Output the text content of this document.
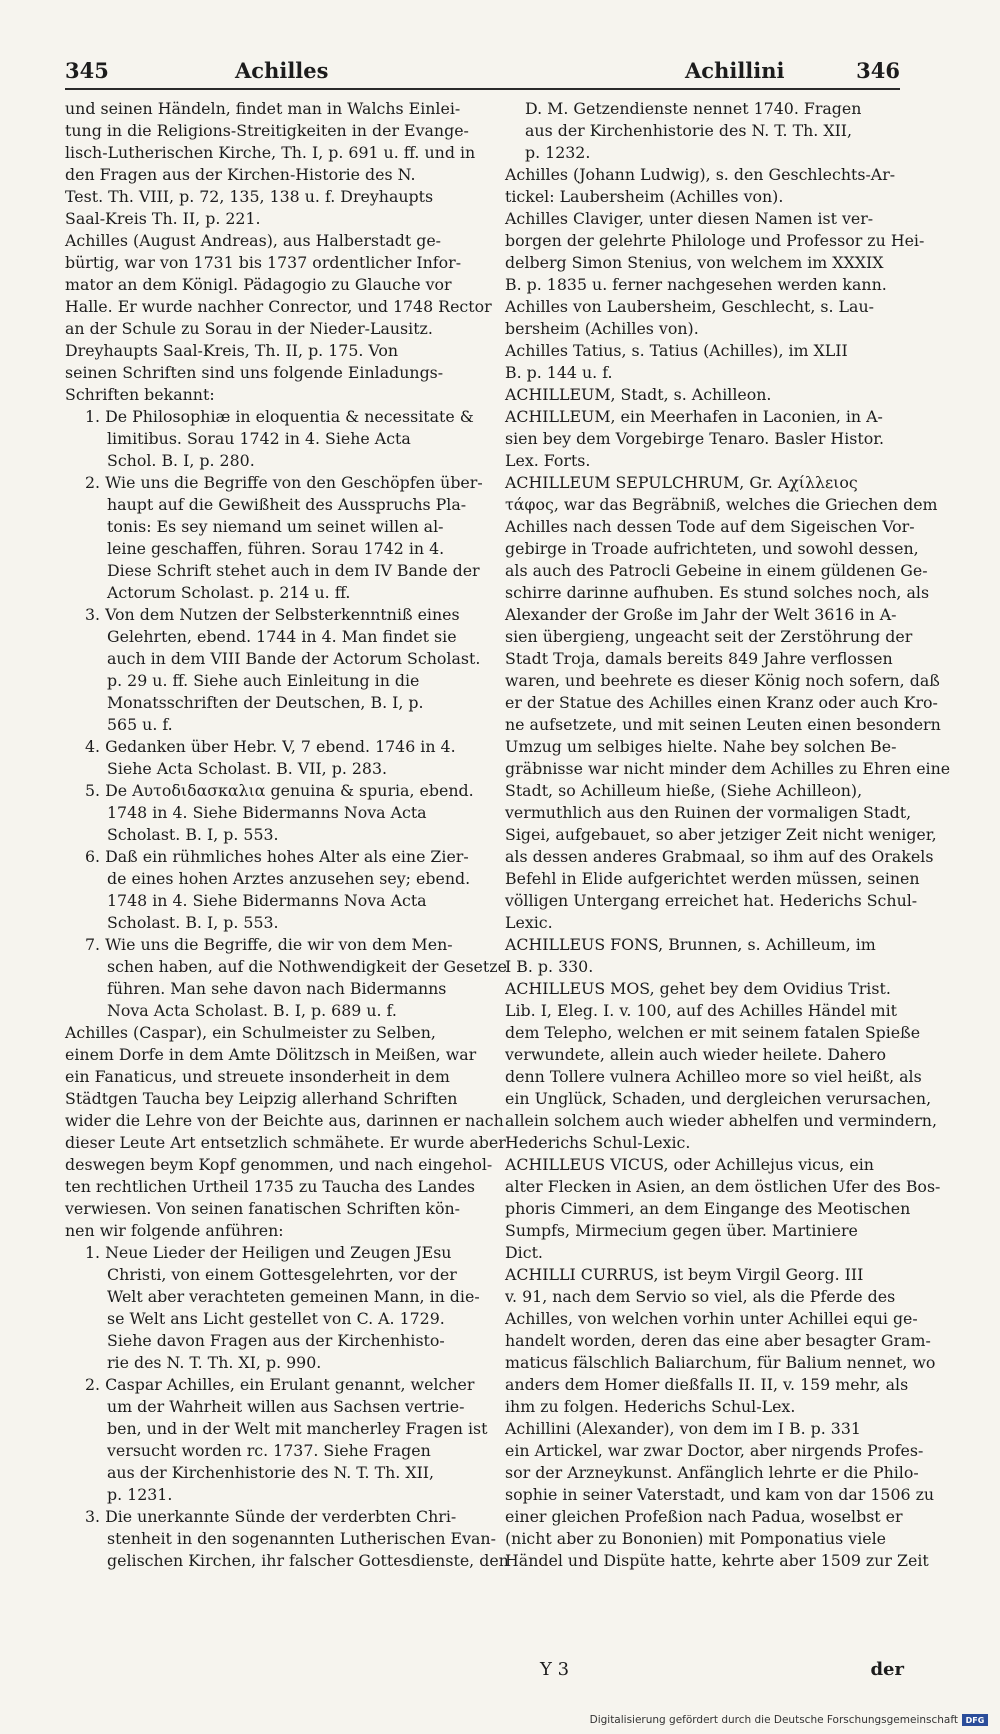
345	Achilles	Achillini	346
und seinen Händeln, findet man in Walchs Einlei-
tung in die Religions-Streitigkeiten in der Evange-
lisch-Lutherischen Kirche, Th. I, p. 691 u. ff. und in
den Fragen aus der Kirchen-Historie des N.
Test. Th. VIII, p. 72, 135, 138 u. f. Dreyhaupts
Saal-Kreis Th. II, p. 221.
Achilles (August Andreas), aus Halberstadt ge-
bürtig, war von 1731 bis 1737 ordentlicher Infor-
mator an dem Königl. Pädagogio zu Glauche vor
Halle. Er wurde nachher Conrector, und 1748 Rector
an der Schule zu Sorau in der Nieder-Lausitz.
Dreyhaupts Saal-Kreis, Th. II, p. 175. Von
seinen Schriften sind uns folgende Einladungs-
Schriften bekannt:
1. De Philosophiæ in eloquentia & necessitate &
limitibus. Sorau 1742 in 4. Siehe Acta
Schol. B. I, p. 280.
2. Wie uns die Begriffe von den Geschöpfen über-
haupt auf die Gewißheit des Ausspruchs Pla-
tonis: Es sey niemand um seinet willen al-
leine geschaffen, führen. Sorau 1742 in 4.
Diese Schrift stehet auch in dem IV Bande der
Actorum Scholast. p. 214 u. ff.
3. Von dem Nutzen der Selbsterkenntniß eines
Gelehrten, ebend. 1744 in 4. Man findet sie
auch in dem VIII Bande der Actorum Scholast.
p. 29 u. ff. Siehe auch Einleitung in die
Monatsschriften der Deutschen, B. I, p.
565 u. f.
4. Gedanken über Hebr. V, 7 ebend. 1746 in 4.
Siehe Acta Scholast. B. VII, p. 283.
5. De Αυτοδιδασκαλια genuina & spuria, ebend.
1748 in 4. Siehe Bidermanns Nova Acta
Scholast. B. I, p. 553.
6. Daß ein rühmliches hohes Alter als eine Zier-
de eines hohen Arztes anzusehen sey; ebend.
1748 in 4. Siehe Bidermanns Nova Acta
Scholast. B. I, p. 553.
7. Wie uns die Begriffe, die wir von dem Men-
schen haben, auf die Nothwendigkeit der Gesetze
führen. Man sehe davon nach Bidermanns
Nova Acta Scholast. B. I, p. 689 u. f.
Achilles (Caspar), ein Schulmeister zu Selben,
einem Dorfe in dem Amte Dölitzsch in Meißen, war
ein Fanaticus, und streuete insonderheit in dem
Städtgen Taucha bey Leipzig allerhand Schriften
wider die Lehre von der Beichte aus, darinnen er nach
dieser Leute Art entsetzlich schmähete. Er wurde aber
deswegen beym Kopf genommen, und nach eingehol-
ten rechtlichen Urtheil 1735 zu Taucha des Landes
verwiesen. Von seinen fanatischen Schriften kön-
nen wir folgende anführen:
1. Neue Lieder der Heiligen und Zeugen JEsu
Christi, von einem Gottesgelehrten, vor der
Welt aber verachteten gemeinen Mann, in die-
se Welt ans Licht gestellet von C. A. 1729.
Siehe davon Fragen aus der Kirchenhisto-
rie des N. T. Th. XI, p. 990.
2. Caspar Achilles, ein Erulant genannt, welcher
um der Wahrheit willen aus Sachsen vertrie-
ben, und in der Welt mit mancherley Fragen ist
versucht worden rc. 1737. Siehe Fragen
aus der Kirchenhistorie des N. T. Th. XII,
p. 1231.
3. Die unerkannte Sünde der verderbten Chri-
stenheit in den sogenannten Lutherischen Evan-
gelischen Kirchen, ihr falscher Gottesdienste, den
D. M. Getzendienste nennet 1740. Fragen
aus der Kirchenhistorie des N. T. Th. XII,
p. 1232.
Achilles (Johann Ludwig), s. den Geschlechts-Ar-
tickel: Laubersheim (Achilles von).
Achilles Claviger, unter diesen Namen ist ver-
borgen der gelehrte Philologe und Professor zu Hei-
delberg Simon Stenius, von welchem im XXXIX
B. p. 1835 u. ferner nachgesehen werden kann.
Achilles von Laubersheim, Geschlecht, s. Lau-
bersheim (Achilles von).
Achilles Tatius, s. Tatius (Achilles), im XLII
B. p. 144 u. f.
ACHILLEUM, Stadt, s. Achilleon.
ACHILLEUM, ein Meerhafen in Laconien, in A-
sien bey dem Vorgebirge Tenaro. Basler Histor.
Lex. Forts.
ACHILLEUM SEPULCHRUM, Gr. Αχίλλειος
τάφος, war das Begräbniß, welches die Griechen dem
Achilles nach dessen Tode auf dem Sigeischen Vor-
gebirge in Troade aufrichteten, und sowohl dessen,
als auch des Patrocli Gebeine in einem güldenen Ge-
schirre darinne aufhuben. Es stund solches noch, als
Alexander der Große im Jahr der Welt 3616 in A-
sien übergieng, ungeacht seit der Zerstöhrung der
Stadt Troja, damals bereits 849 Jahre verflossen
waren, und beehrete es dieser König noch sofern, daß
er der Statue des Achilles einen Kranz oder auch Kro-
ne aufsetzete, und mit seinen Leuten einen besondern
Umzug um selbiges hielte. Nahe bey solchen Be-
gräbnisse war nicht minder dem Achilles zu Ehren eine
Stadt, so Achilleum hieße, (Siehe Achilleon),
vermuthlich aus den Ruinen der vormaligen Stadt,
Sigei, aufgebauet, so aber jetziger Zeit nicht weniger,
als dessen anderes Grabmaal, so ihm auf des Orakels
Befehl in Elide aufgerichtet werden müssen, seinen
völligen Untergang erreichet hat. Hederichs Schul-
Lexic.
ACHILLEUS FONS, Brunnen, s. Achilleum, im
I B. p. 330.
ACHILLEUS MOS, gehet bey dem Ovidius Trist.
Lib. I, Eleg. I. v. 100, auf des Achilles Händel mit
dem Telepho, welchen er mit seinem fatalen Spieße
verwundete, allein auch wieder heilete. Dahero
denn Tollere vulnera Achilleo more so viel heißt, als
ein Unglück, Schaden, und dergleichen verursachen,
allein solchem auch wieder abhelfen und vermindern,
Hederichs Schul-Lexic.
ACHILLEUS VICUS, oder Achillejus vicus, ein
alter Flecken in Asien, an dem östlichen Ufer des Bos-
phoris Cimmeri, an dem Eingange des Meotischen
Sumpfs, Mirmecium gegen über. Martiniere
Dict.
ACHILLI CURRUS, ist beym Virgil Georg. III
v. 91, nach dem Servio so viel, als die Pferde des
Achilles, von welchen vorhin unter Achillei equi ge-
handelt worden, deren das eine aber besagter Gram-
maticus fälschlich Baliarchum, für Balium nennet, wo
anders dem Homer dießfalls II. II, v. 159 mehr, als
ihm zu folgen. Hederichs Schul-Lex.
Achillini (Alexander), von dem im I B. p. 331
ein Artickel, war zwar Doctor, aber nirgends Profes-
sor der Arzneykunst. Anfänglich lehrte er die Philo-
sophie in seiner Vaterstadt, und kam von dar 1506 zu
einer gleichen Profeßion nach Padua, woselbst er
(nicht aber zu Bononien) mit Pomponatius viele
Händel und Dispüte hatte, kehrte aber 1509 zur Zeit
Y 3	der
Digitalisierung gefördert durch die Deutsche Forschungsgemeinschaft DFG
